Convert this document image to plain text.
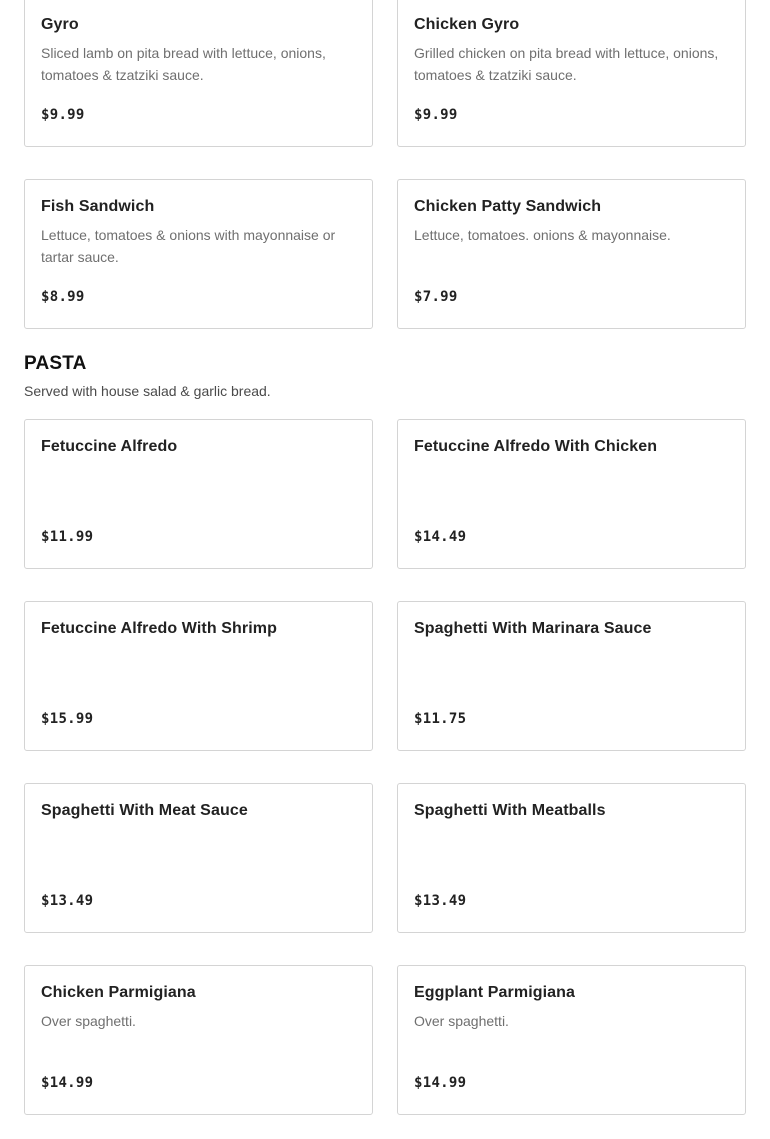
Gyro
Sliced lamb on pita bread with lettuce, onions, tomatoes & tzatziki sauce.
$9.99
Chicken Gyro
Grilled chicken on pita bread with lettuce, onions, tomatoes & tzatziki sauce.
$9.99
Fish Sandwich
Lettuce, tomatoes & onions with mayonnaise or tartar sauce.
$8.99
Chicken Patty Sandwich
Lettuce, tomatoes. onions & mayonnaise.
$7.99
PASTA
Served with house salad & garlic bread.
Fetuccine Alfredo
$11.99
Fetuccine Alfredo With Chicken
$14.49
Fetuccine Alfredo With Shrimp
$15.99
Spaghetti With Marinara Sauce
$11.75
Spaghetti With Meat Sauce
$13.49
Spaghetti With Meatballs
$13.49
Chicken Parmigiana
Over spaghetti.
$14.99
Eggplant Parmigiana
Over spaghetti.
$14.99
